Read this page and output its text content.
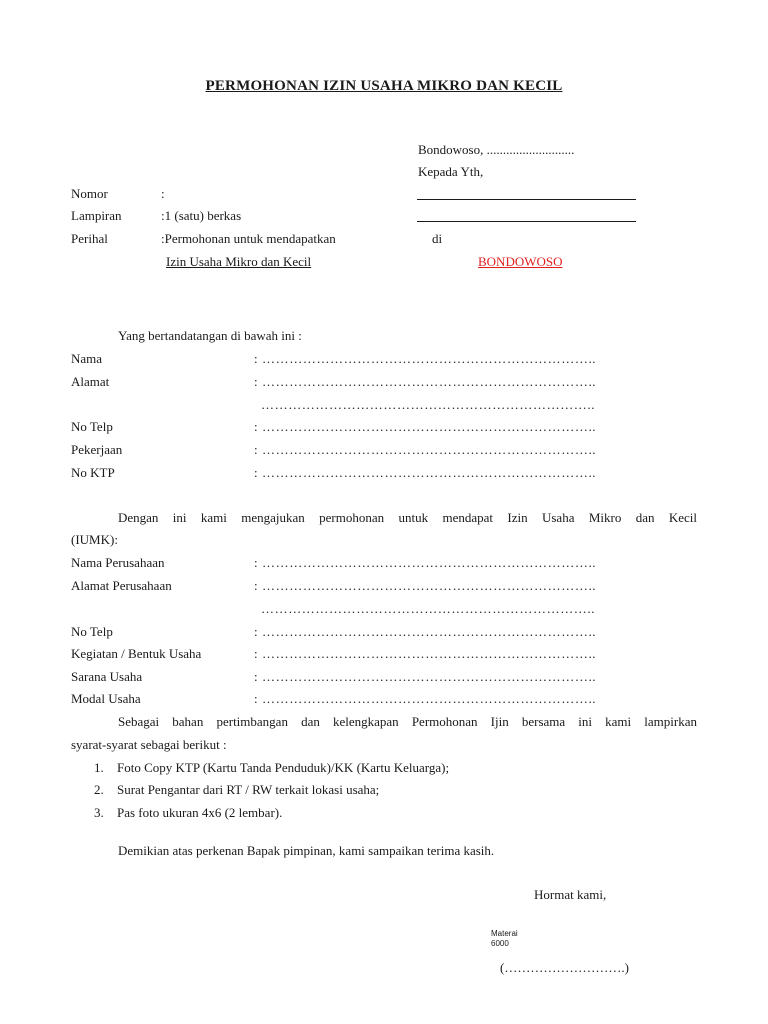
PERMOHONAN IZIN USAHA MIKRO DAN KECIL
Bondowoso, ...........................
Kepada Yth,
di
BONDOWOSO
Nomor	:
Lampiran	:1 (satu) berkas
Perihal	:Permohonan untuk mendapatkan
Izin Usaha Mikro dan Kecil
Yang bertandatangan di bawah ini :
Nama	: ………………………………………………………………..
Alamat	: ………………………………………………………………..
………………………………………………………………..
No Telp	: ………………………………………………………………..
Pekerjaan	: ………………………………………………………………..
No KTP	: ………………………………………………………………..
Dengan ini kami mengajukan permohonan untuk mendapat Izin Usaha Mikro dan Kecil
(IUMK):
Nama Perusahaan	: ………………………………………………………………..
Alamat Perusahaan	: ………………………………………………………………..
………………………………………………………………..
No Telp	: ………………………………………………………………..
Kegiatan / Bentuk Usaha	: ………………………………………………………………..
Sarana Usaha	: ………………………………………………………………..
Modal Usaha	: ………………………………………………………………..
Sebagai bahan pertimbangan dan kelengkapan Permohonan Ijin bersama ini kami lampirkan
syarat-syarat sebagai berikut :
1. Foto Copy KTP (Kartu Tanda Penduduk)/KK (Kartu Keluarga);
2. Surat Pengantar dari RT / RW terkait lokasi usaha;
3. Pas foto ukuran 4x6 (2 lembar).
Demikian atas perkenan Bapak pimpinan, kami sampaikan terima kasih.
Hormat kami,
Materai
6000
(……………………….)
